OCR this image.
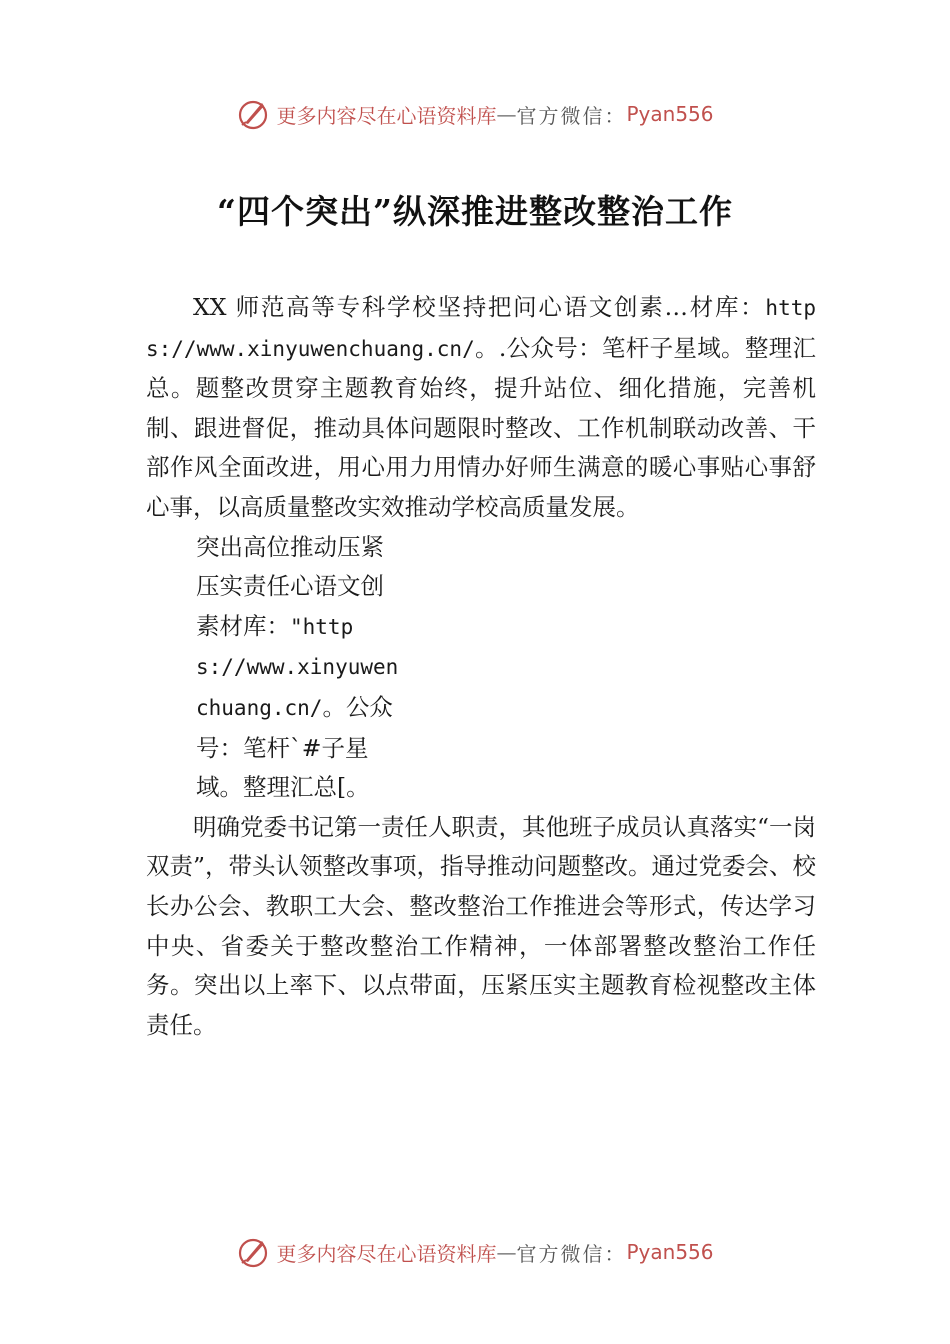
更多内容尽在心语资料库 — 官方微信： Pyan556
“四个突出”纵深推进整改整治工作

XX 师范高等专科学校坚持把问心语文创素…材库：https://www.xinyuwenchuang.cn/。.公众号：笔杆子星域。整理汇总。题整改贯穿主题教育始终，提升站位、细化措施，完善机制、跟进督促，推动具体问题限时整改、工作机制联动改善、干部作风全面改进，用心用力用情办好师生满意的暖心事贴心事舒心事，以高质量整改实效推动学校高质量发展。

突出高位推动压紧压实责任心语文创素材库："https://www.xinyuwenchuang.cn/。公众号：笔杆`#子星域。整理汇总[。

明确党委书记第一责任人职责，其他班子成员认真落实“一岗双责”，带头认领整改事项，指导推动问题整改。通过党委会、校长办公会、教职工大会、整改整治工作推进会等形式，传达学习中央、省委关于整改整治工作精神，一体部署整改整治工作任务。突出以上率下、以点带面，压紧压实主题教育检视整改主体责任。

更多内容尽在心语资料库 — 官方微信： Pyan556
